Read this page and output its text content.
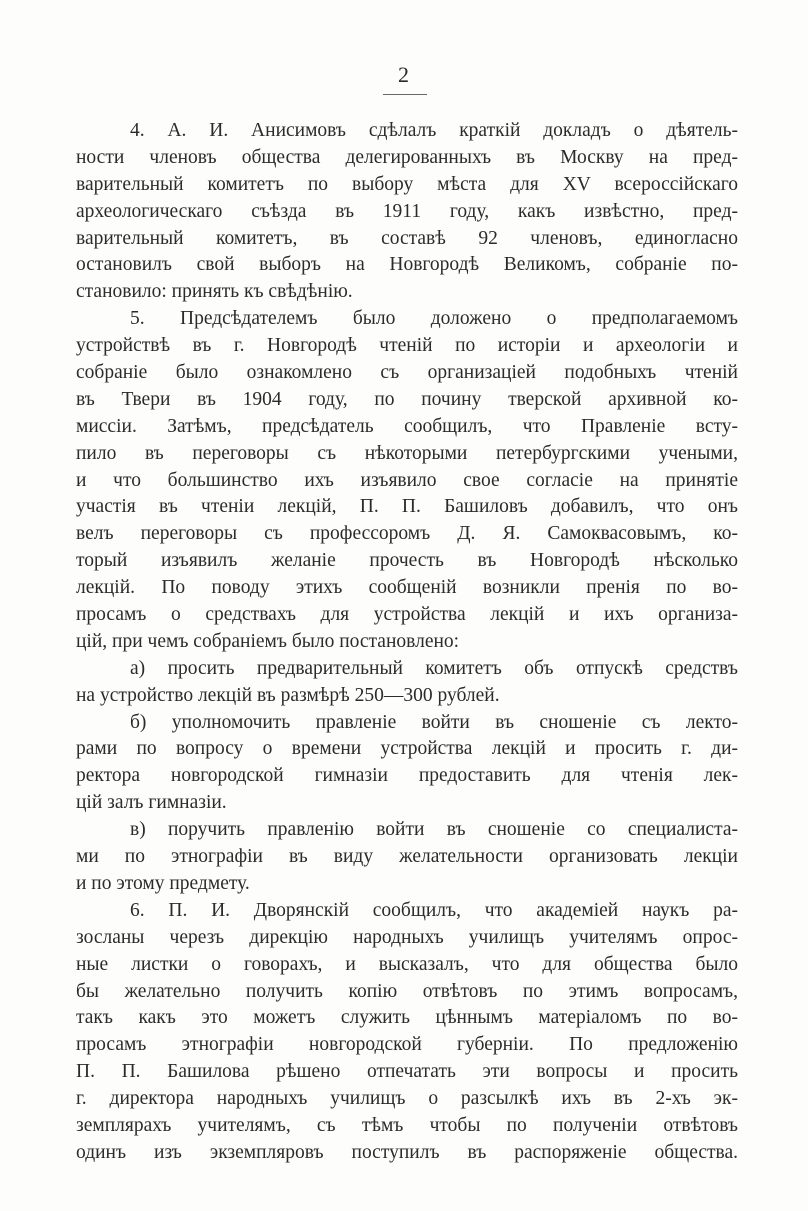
2
4. А. И. Анисимовъ сдѣлалъ краткій докладъ о дѣятель-
ности членовъ общества делегированныхъ въ Москву на пред-
варительный комитетъ по выбору мѣста для XV всероссійскаго
археологическаго съѣзда въ 1911 году, какъ извѣстно, пред-
варительный комитетъ, въ составѣ 92 членовъ, единогласно
остановилъ свой выборъ на Новгородѣ Великомъ, собраніе по-
становило: принять къ свѣдѣнію.
5. Предсѣдателемъ было доложено о предполагаемомъ
устройствѣ въ г. Новгородѣ чтеній по исторіи и археологіи и
собраніе было ознакомлено съ организаціей подобныхъ чтеній
въ Твери въ 1904 году, по почину тверской архивной ко-
миссіи. Затѣмъ, предсѣдатель сообщилъ, что Правленіе всту-
пило въ переговоры съ нѣкоторыми петербургскими учеными,
и что большинство ихъ изъявило свое согласіе на принятіе
участія въ чтеніи лекцій, П. П. Башиловъ добавилъ, что онъ
велъ переговоры съ профессоромъ Д. Я. Самоквасовымъ, ко-
торый изъявилъ желаніе прочесть въ Новгородѣ нѣсколько
лекцій. По поводу этихъ сообщеній возникли пренія по во-
просамъ о средствахъ для устройства лекцій и ихъ организа-
цій, при чемъ собраніемъ было постановлено:
а) просить предварительный комитетъ объ отпускѣ средствъ
на устройство лекцій въ размѣрѣ 250—300 рублей.
б) уполномочить правленіе войти въ сношеніе съ лекто-
рами по вопросу о времени устройства лекцій и просить г. ди-
ректора новгородской гимназіи предоставить для чтенія лек-
цій залъ гимназіи.
в) поручить правленію войти въ сношеніе со специалиста-
ми по этнографіи въ виду желательности организовать лекціи
и по этому предмету.
6. П. И. Дворянскій сообщилъ, что академіей наукъ ра-
зосланы черезъ дирекцію народныхъ училищъ учителямъ опрос-
ные листки о говорахъ, и высказалъ, что для общества было
бы желательно получить копію отвѣтовъ по этимъ вопросамъ,
такъ какъ это можетъ служить цѣннымъ матеріаломъ по во-
просамъ этнографіи новгородской губерніи. По предложенію
П. П. Башилова рѣшено отпечатать эти вопросы и просить
г. директора народныхъ училищъ о разсылкѣ ихъ въ 2-хъ эк-
земплярахъ учителямъ, съ тѣмъ чтобы по полученіи отвѣтовъ
одинъ изъ экземпляровъ поступилъ въ распоряженіе общества.
